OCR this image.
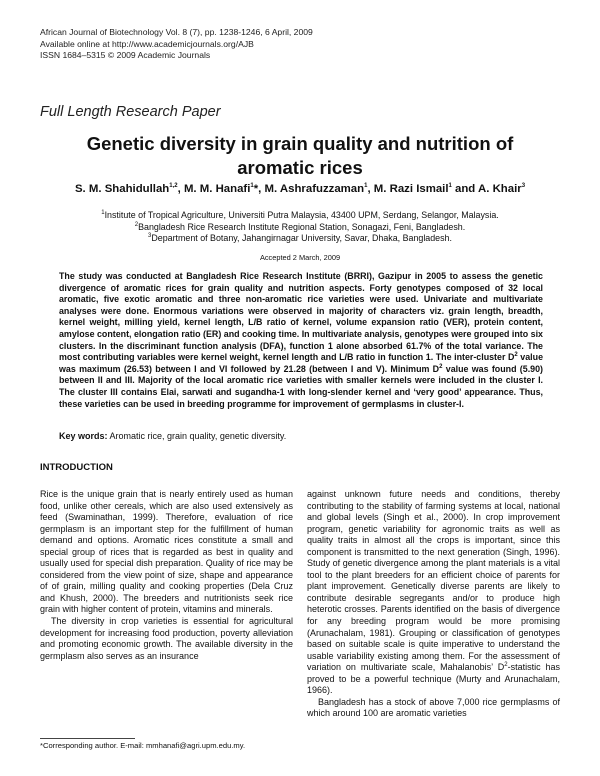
African Journal of Biotechnology Vol. 8 (7), pp. 1238-1246, 6 April, 2009
Available online at http://www.academicjournals.org/AJB
ISSN 1684–5315 © 2009 Academic Journals
Full Length Research Paper
Genetic diversity in grain quality and nutrition of
aromatic rices
S. M. Shahidullah$^{1,2}$, M. M. Hanafi$^1$*, M. Ashrafuzzaman$^1$, M. Razi Ismail$^1$ and A. Khair$^3$
$^1$Institute of Tropical Agriculture, Universiti Putra Malaysia, 43400 UPM, Serdang, Selangor, Malaysia.
$^2$Bangladesh Rice Research Institute Regional Station, Sonagazi, Feni, Bangladesh.
$^3$Department of Botany, Jahangirnagar University, Savar, Dhaka, Bangladesh.
Accepted 2 March, 2009
The study was conducted at Bangladesh Rice Research Institute (BRRI), Gazipur in 2005 to assess the genetic divergence of aromatic rices for grain quality and nutrition aspects. Forty genotypes composed of 32 local aromatic, five exotic aromatic and three non-aromatic rice varieties were used. Univariate and multivariate analyses were done. Enormous variations were observed in majority of characters viz. grain length, breadth, kernel weight, milling yield, kernel length, L/B ratio of kernel, volume expansion ratio (VER), protein content, amylose content, elongation ratio (ER) and cooking time. In multivariate analysis, genotypes were grouped into six clusters. In the discriminant function analysis (DFA), function 1 alone absorbed 61.7% of the total variance. The most contributing variables were kernel weight, kernel length and L/B ratio in function 1. The inter-cluster $D^2$ value was maximum (26.53) between I and VI followed by 21.28 (between I and V). Minimum $D^2$ value was found (5.90) between II and III. Majority of the local aromatic rice varieties with smaller kernels were included in the cluster I. The cluster III contains Elai, sarwati and sugandha-1 with long-slender kernel and ‘very good’ appearance. Thus, these varieties can be used in breeding programme for improvement of germplasms in cluster-I.
Key words: Aromatic rice, grain quality, genetic diversity.
INTRODUCTION

Rice is the unique grain that is nearly entirely used as human food, unlike other cereals, which are also used extensively as feed (Swaminathan, 1999). Therefore, evaluation of rice germplasm is an important step for the fulfillment of human demand and options. Aromatic rices constitute a small and special group of rices that is regarded as best in quality and usually used for special dish preparation. Quality of rice may be considered from the view point of size, shape and appearance of of grain, milling quality and cooking properties (Dela Cruz and Khush, 2000). The breeders and nutritionists seek rice grain with higher content of protein, vitamins and minerals.

The diversity in crop varieties is essential for agricultural development for increasing food production, poverty alleviation and promoting economic growth. The available diversity in the germplasm also serves as an insurance

against unknown future needs and conditions, thereby contributing to the stability of farming systems at local, national and global levels (Singh et al., 2000). In crop improvement program, genetic variability for agronomic traits as well as quality traits in almost all the crops is important, since this component is transmitted to the next generation (Singh, 1996). Study of genetic divergence among the plant materials is a vital tool to the plant breeders for an efficient choice of parents for plant improvement. Genetically diverse parents are likely to contribute desirable segregants and/or to produce high heterotic crosses. Parents identified on the basis of divergence for any breeding program would be more promising (Arunachalam, 1981). Grouping or classification of genotypes based on suitable scale is quite imperative to understand the usable variability existing among them. For the assessment of variation on multivariate scale, Mahalanobis’ $D^2$-statistic has proved to be a powerful technique (Murty and Arunachalam, 1966).

Bangladesh has a stock of above 7,000 rice germplasms of which around 100 are aromatic varieties

*Corresponding author. E-mail: mmhanafi@agri.upm.edu.my.
